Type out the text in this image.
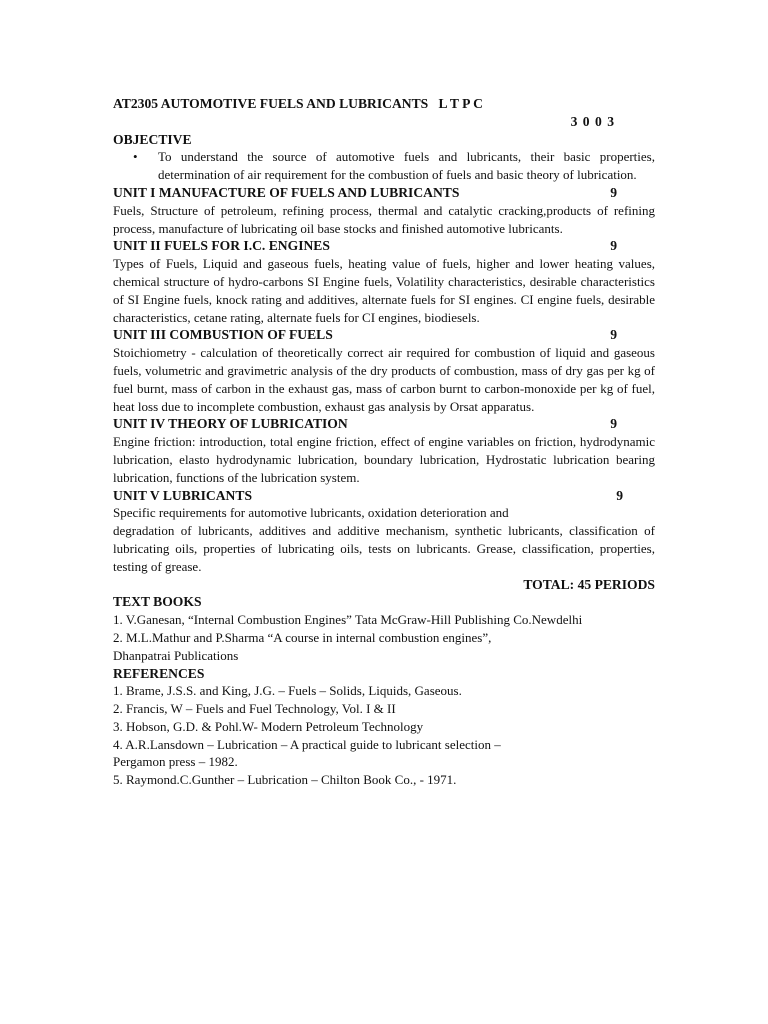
AT2305 AUTOMOTIVE FUELS AND LUBRICANTS L T P C
3 0 0 3
OBJECTIVE
• To understand the source of automotive fuels and lubricants, their basic properties, determination of air requirement for the combustion of fuels and basic theory of lubrication.
UNIT I MANUFACTURE OF FUELS AND LUBRICANTS	9
Fuels, Structure of petroleum, refining process, thermal and catalytic cracking,products of refining process, manufacture of lubricating oil base stocks and finished automotive lubricants.
UNIT II FUELS FOR I.C. ENGINES	9
Types of Fuels, Liquid and gaseous fuels, heating value of fuels, higher and lower heating values, chemical structure of hydro-carbons SI Engine fuels, Volatility characteristics, desirable characteristics of SI Engine fuels, knock rating and additives, alternate fuels for SI engines. CI engine fuels, desirable characteristics, cetane rating, alternate fuels for CI engines, biodiesels.
UNIT III COMBUSTION OF FUELS	9
Stoichiometry - calculation of theoretically correct air required for combustion of liquid and gaseous fuels, volumetric and gravimetric analysis of the dry products of combustion, mass of dry gas per kg of fuel burnt, mass of carbon in the exhaust gas, mass of carbon burnt to carbon-monoxide per kg of fuel, heat loss due to incomplete combustion, exhaust gas analysis by Orsat apparatus.
UNIT IV THEORY OF LUBRICATION	9
Engine friction: introduction, total engine friction, effect of engine variables on friction, hydrodynamic lubrication, elasto hydrodynamic lubrication, boundary lubrication, Hydrostatic lubrication bearing lubrication, functions of the lubrication system.
UNIT V LUBRICANTS	9
Specific requirements for automotive lubricants, oxidation deterioration and
degradation of lubricants, additives and additive mechanism, synthetic lubricants, classification of lubricating oils, properties of lubricating oils, tests on lubricants. Grease, classification, properties, testing of grease.
TOTAL: 45 PERIODS
TEXT BOOKS
1. V.Ganesan, “Internal Combustion Engines” Tata McGraw-Hill Publishing Co.Newdelhi
2. M.L.Mathur and P.Sharma “A course in internal combustion engines”,
Dhanpatrai Publications
REFERENCES
1. Brame, J.S.S. and King, J.G. – Fuels – Solids, Liquids, Gaseous.
2. Francis, W – Fuels and Fuel Technology, Vol. I & II
3. Hobson, G.D. & Pohl.W- Modern Petroleum Technology
4. A.R.Lansdown – Lubrication – A practical guide to lubricant selection –
Pergamon press – 1982.
5. Raymond.C.Gunther – Lubrication – Chilton Book Co., - 1971.
